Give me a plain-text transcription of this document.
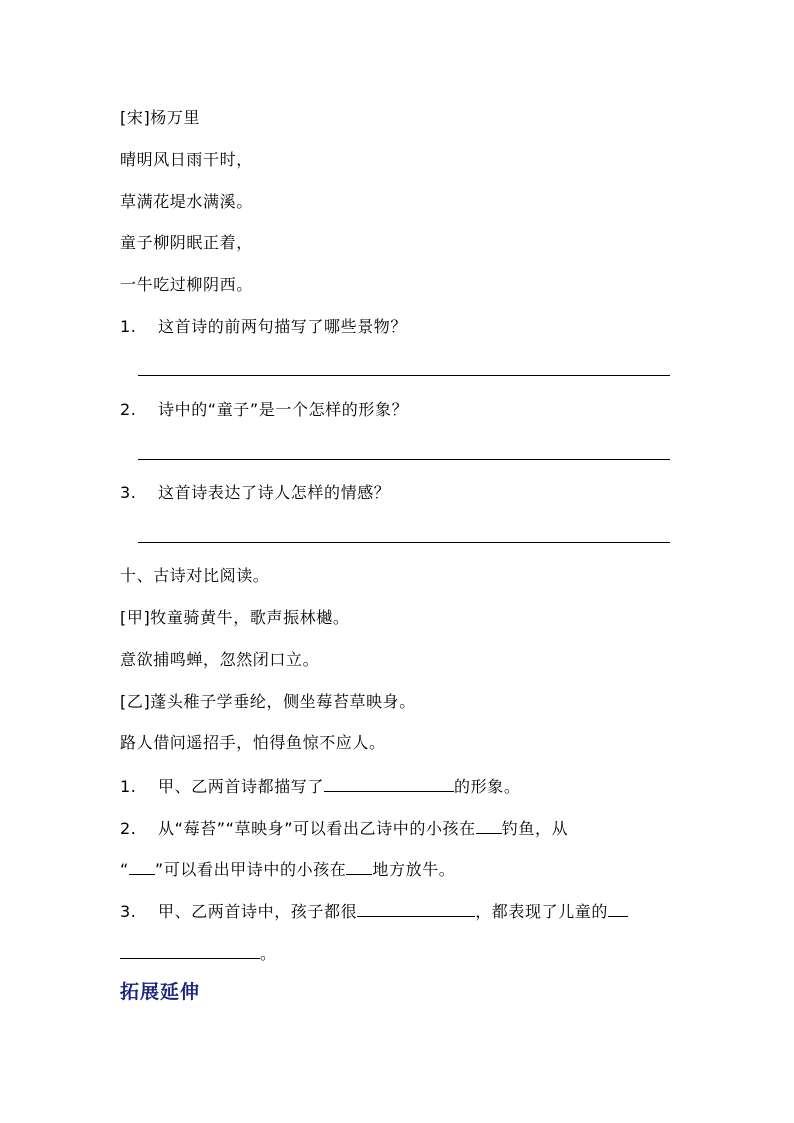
[宋]杨万里
晴明风日雨干时，
草满花堤水满溪。
童子柳阴眠正着，
一牛吃过柳阴西。
1. 这首诗的前两句描写了哪些景物？
2. 诗中的“童子”是一个怎样的形象？
3. 这首诗表达了诗人怎样的情感？
十、古诗对比阅读。
[甲]牧童骑黄牛，歌声振林樾。
意欲捕鸣蝉，忽然闭口立。
[乙]蓬头稚子学垂纶，侧坐莓苔草映身。
路人借问遥招手，怕得鱼惊不应人。
1. 甲、乙两首诗都描写了	的形象。
2. 从“莓苔”“草映身”可以看出乙诗中的小孩在 钓鱼，从
“ ”可以看出甲诗中的小孩在 地方放牛。
3. 甲、乙两首诗中，孩子都很	，都表现了儿童的
。
拓展延伸
